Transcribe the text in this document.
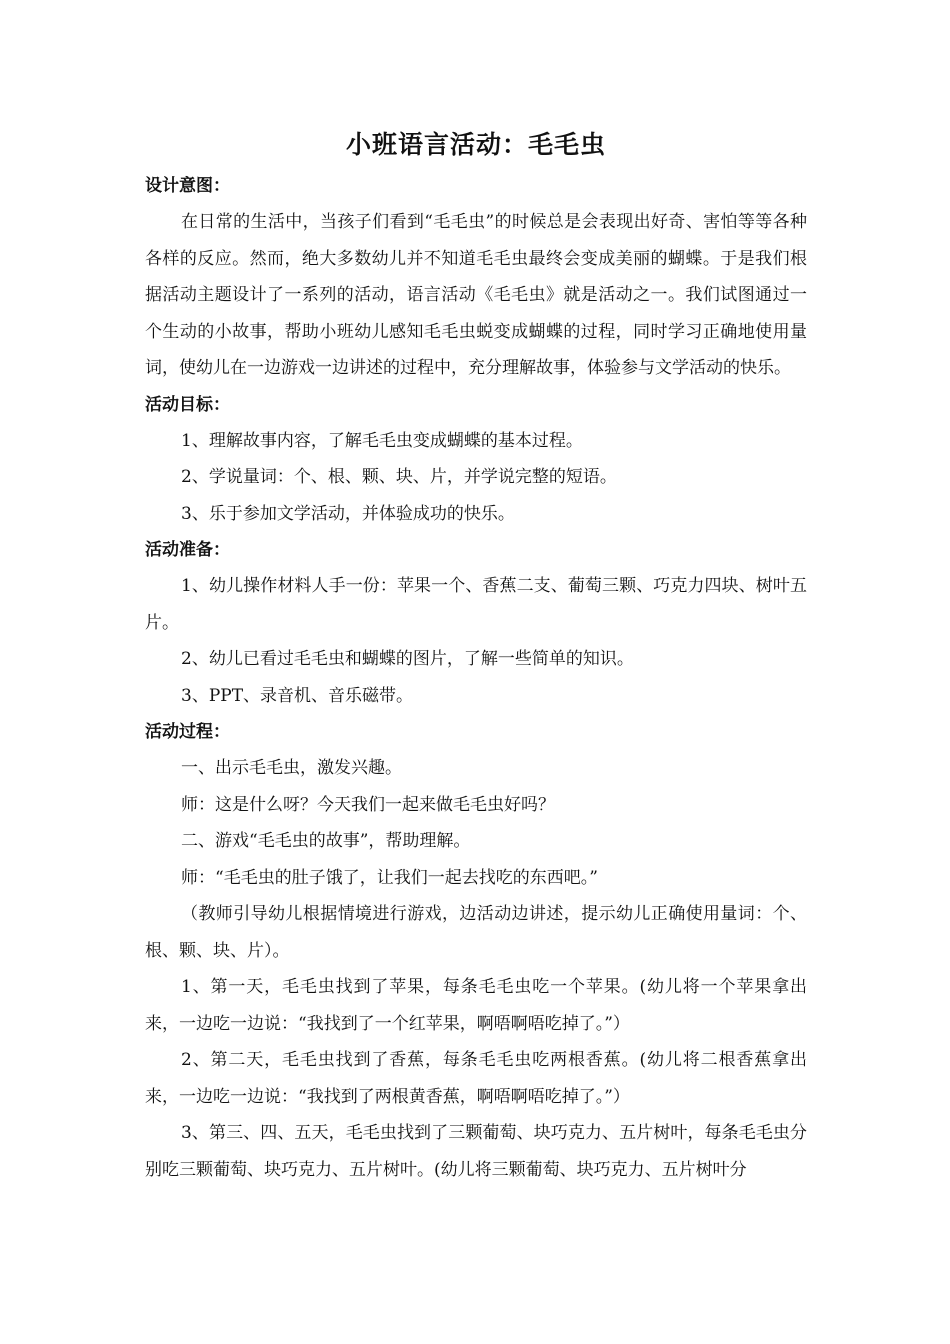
小班语言活动：毛毛虫
设计意图：

在日常的生活中，当孩子们看到“毛毛虫”的时候总是会表现出好奇、害怕等等各种各样的反应。然而，绝大多数幼儿并不知道毛毛虫最终会变成美丽的蝴蝶。于是我们根据活动主题设计了一系列的活动，语言活动《毛毛虫》就是活动之一。我们试图通过一个生动的小故事，帮助小班幼儿感知毛毛虫蜕变成蝴蝶的过程，同时学习正确地使用量词，使幼儿在一边游戏一边讲述的过程中，充分理解故事，体验参与文学活动的快乐。

活动目标：

1、理解故事内容，了解毛毛虫变成蝴蝶的基本过程。

2、学说量词：个、根、颗、块、片，并学说完整的短语。

3、乐于参加文学活动，并体验成功的快乐。

活动准备：

1、幼儿操作材料人手一份：苹果一个、香蕉二支、葡萄三颗、巧克力四块、树叶五片。

2、幼儿已看过毛毛虫和蝴蝶的图片，了解一些简单的知识。

3、PPT、录音机、音乐磁带。

活动过程：

一、出示毛毛虫，激发兴趣。

师：这是什么呀？今天我们一起来做毛毛虫好吗？

二、游戏“毛毛虫的故事”，帮助理解。

师：“毛毛虫的肚子饿了，让我们一起去找吃的东西吧。”

（教师引导幼儿根据情境进行游戏，边活动边讲述，提示幼儿正确使用量词：个、根、颗、块、片）。

1、第一天，毛毛虫找到了苹果，每条毛毛虫吃一个苹果。(幼儿将一个苹果拿出来，一边吃一边说：“我找到了一个红苹果，啊唔啊唔吃掉了。”）

2、第二天，毛毛虫找到了香蕉，每条毛毛虫吃两根香蕉。(幼儿将二根香蕉拿出来，一边吃一边说：“我找到了两根黄香蕉，啊唔啊唔吃掉了。”）

3、第三、四、五天，毛毛虫找到了三颗葡萄、块巧克力、五片树叶，每条毛毛虫分别吃三颗葡萄、块巧克力、五片树叶。(幼儿将三颗葡萄、块巧克力、五片树叶分
